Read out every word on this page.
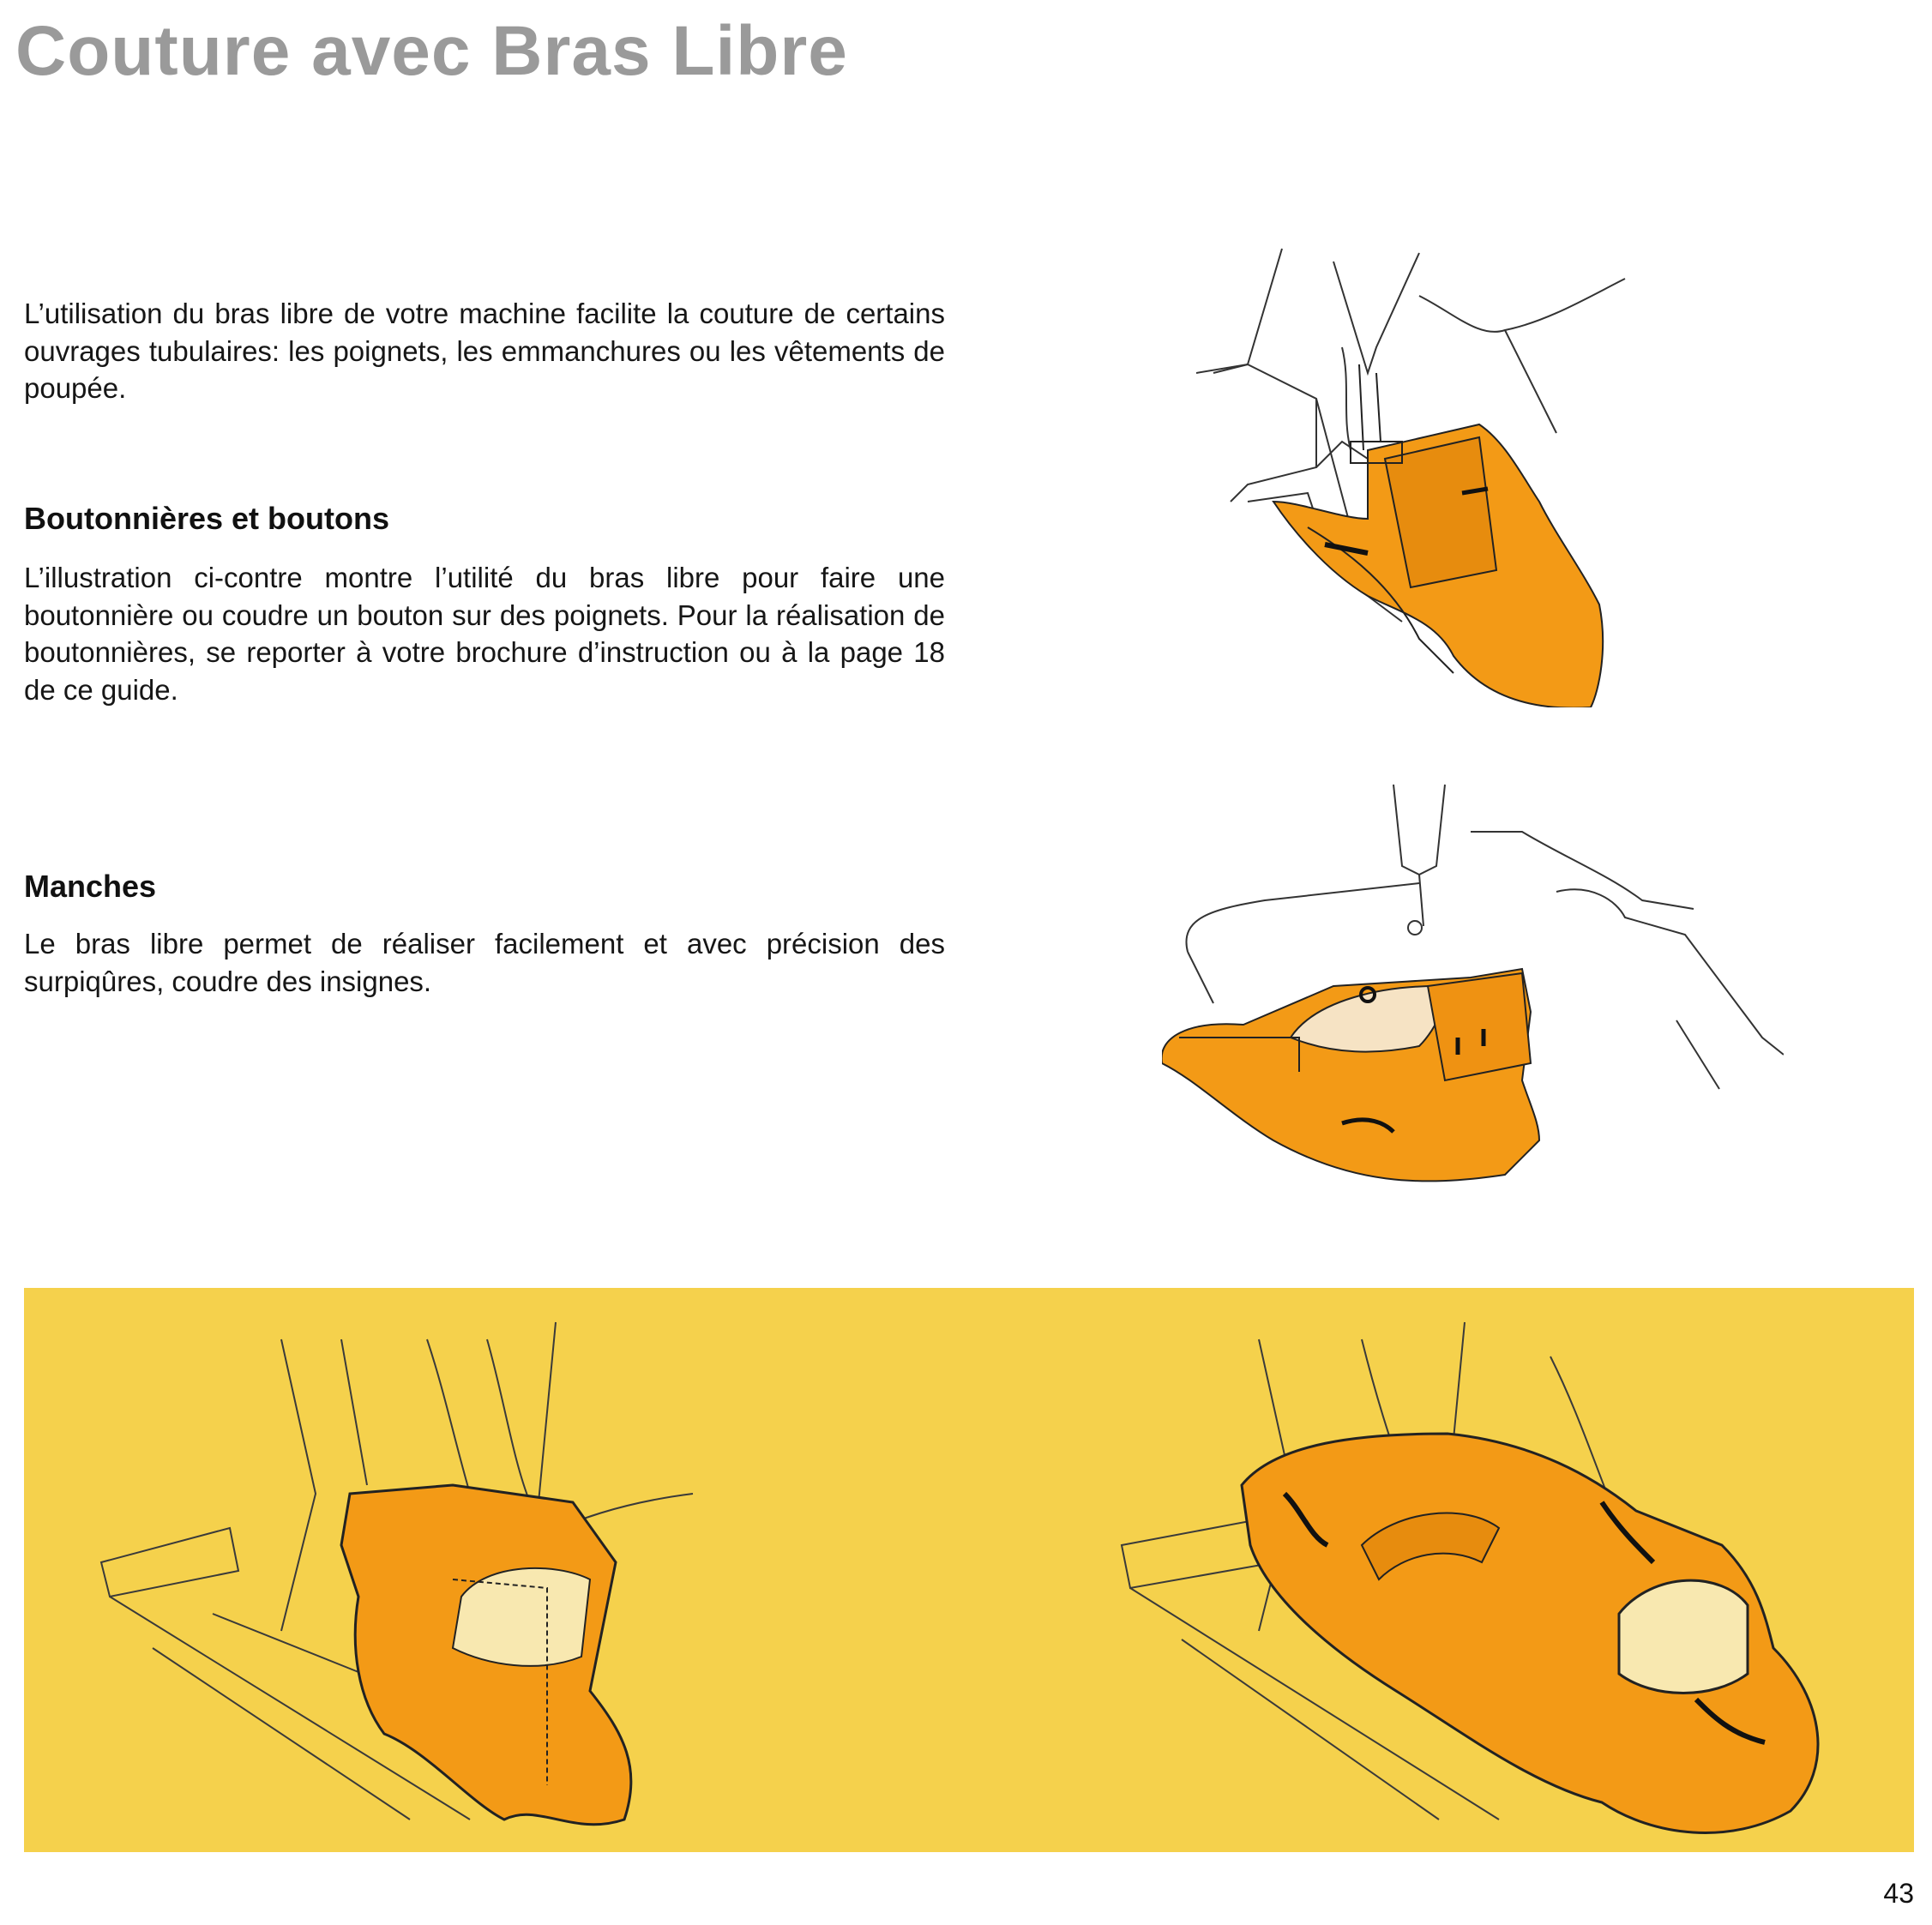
Couture avec Bras Libre

L’utilisation du bras libre de votre machine facilite la couture de certains ouvrages tubulaires: les poignets, les emmanchures ou les vêtements de poupée.

Boutonnières et boutons

L’illustration ci-contre montre l’utilité du bras libre pour faire une boutonnière ou coudre un bouton sur des poignets. Pour la réalisation de boutonnières, se reporter à votre brochure d’instruction ou à la page 18 de ce guide.

Manches

Le bras libre permet de réaliser facilement et avec précision des surpiqûres, coudre des insignes.

43
